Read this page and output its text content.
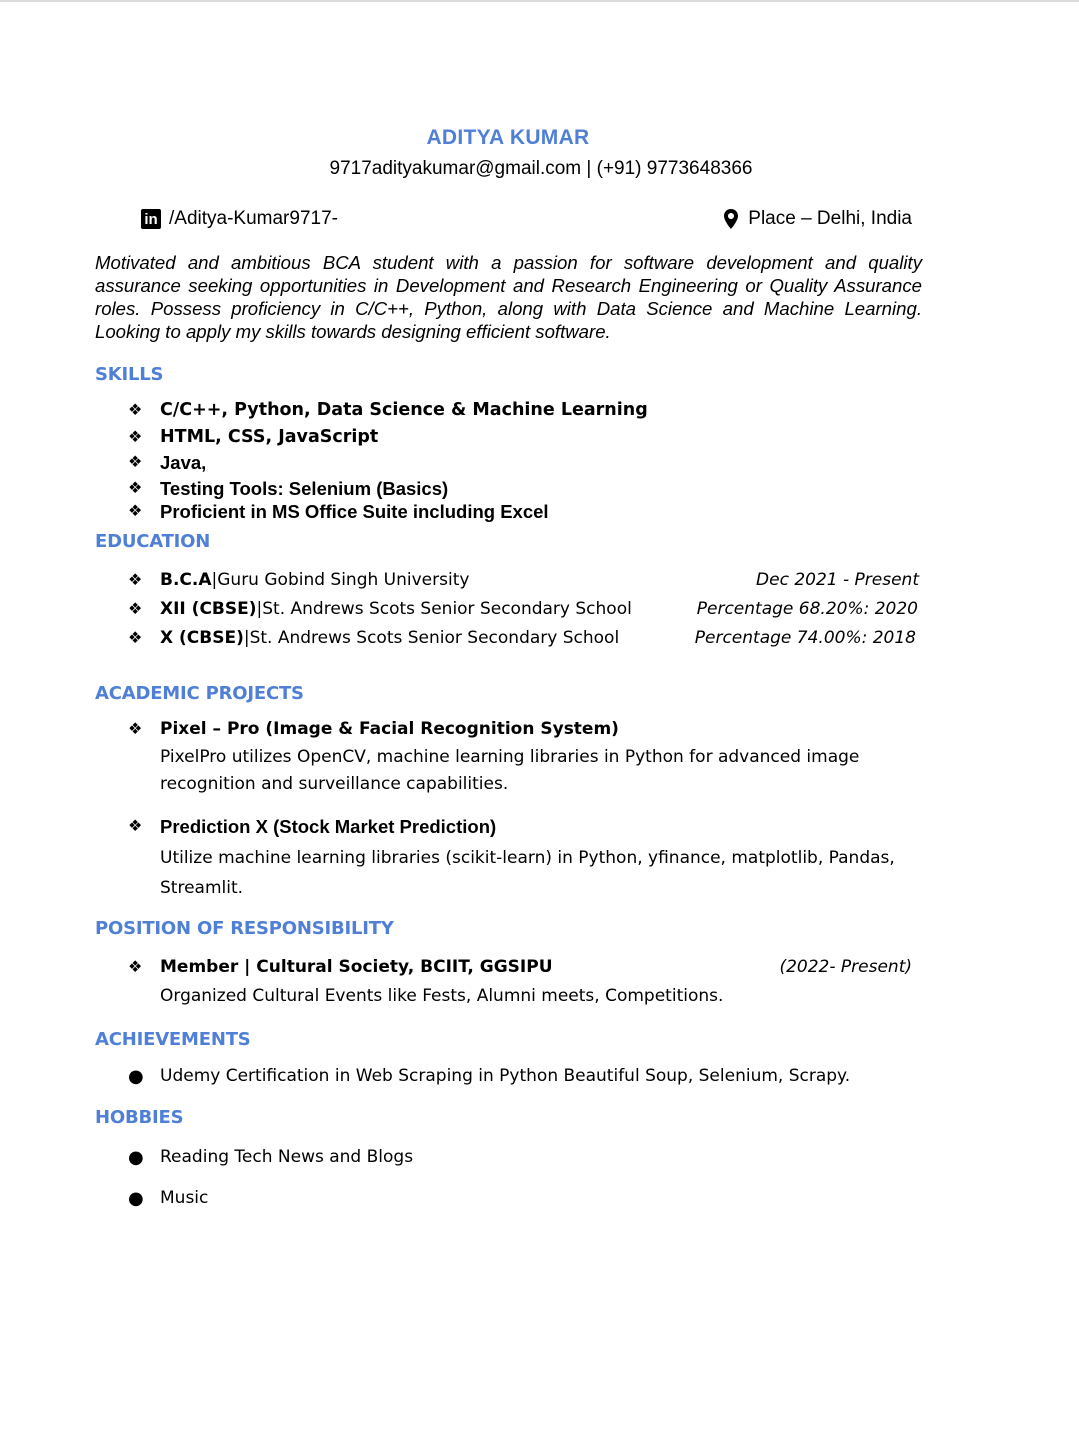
ADITYA KUMAR
9717adityakumar@gmail.com | (+91) 9773648366
in /Aditya-Kumar9717-	Place – Delhi, India
Motivated and ambitious BCA student with a passion for software development and quality assurance seeking opportunities in Development and Research Engineering or Quality Assurance roles. Possess proficiency in C/C++, Python, along with Data Science and Machine Learning. Looking to apply my skills towards designing efficient software.
SKILLS
❖	C/C++, Python, Data Science & Machine Learning
❖	HTML, CSS, JavaScript
❖ Java,
❖ Testing Tools: Selenium (Basics)
❖ Proficient in MS Office Suite including Excel
EDUCATION
❖	B.C.A | Guru Gobind Singh University	Dec 2021 - Present
❖	XII (CBSE) | St. Andrews Scots Senior Secondary School	Percentage 68.20%: 2020
❖	X (CBSE) | St. Andrews Scots Senior Secondary School	Percentage 74.00%: 2018
ACADEMIC PROJECTS
❖	Pixel – Pro (Image & Facial Recognition System)
PixelPro utilizes OpenCV, machine learning libraries in Python for advanced image recognition and surveillance capabilities.
❖ Prediction X (Stock Market Prediction)
Utilize machine learning libraries (scikit-learn) in Python, yfinance, matplotlib, Pandas, Streamlit.
POSITION OF RESPONSIBILITY
❖	Member | Cultural Society, BCIIT, GGSIPU	(2022- Present)
Organized Cultural Events like Fests, Alumni meets, Competitions.
ACHIEVEMENTS
● Udemy Certification in Web Scraping in Python Beautiful Soup, Selenium, Scrapy.
HOBBIES
● Reading Tech News and Blogs
● Music
